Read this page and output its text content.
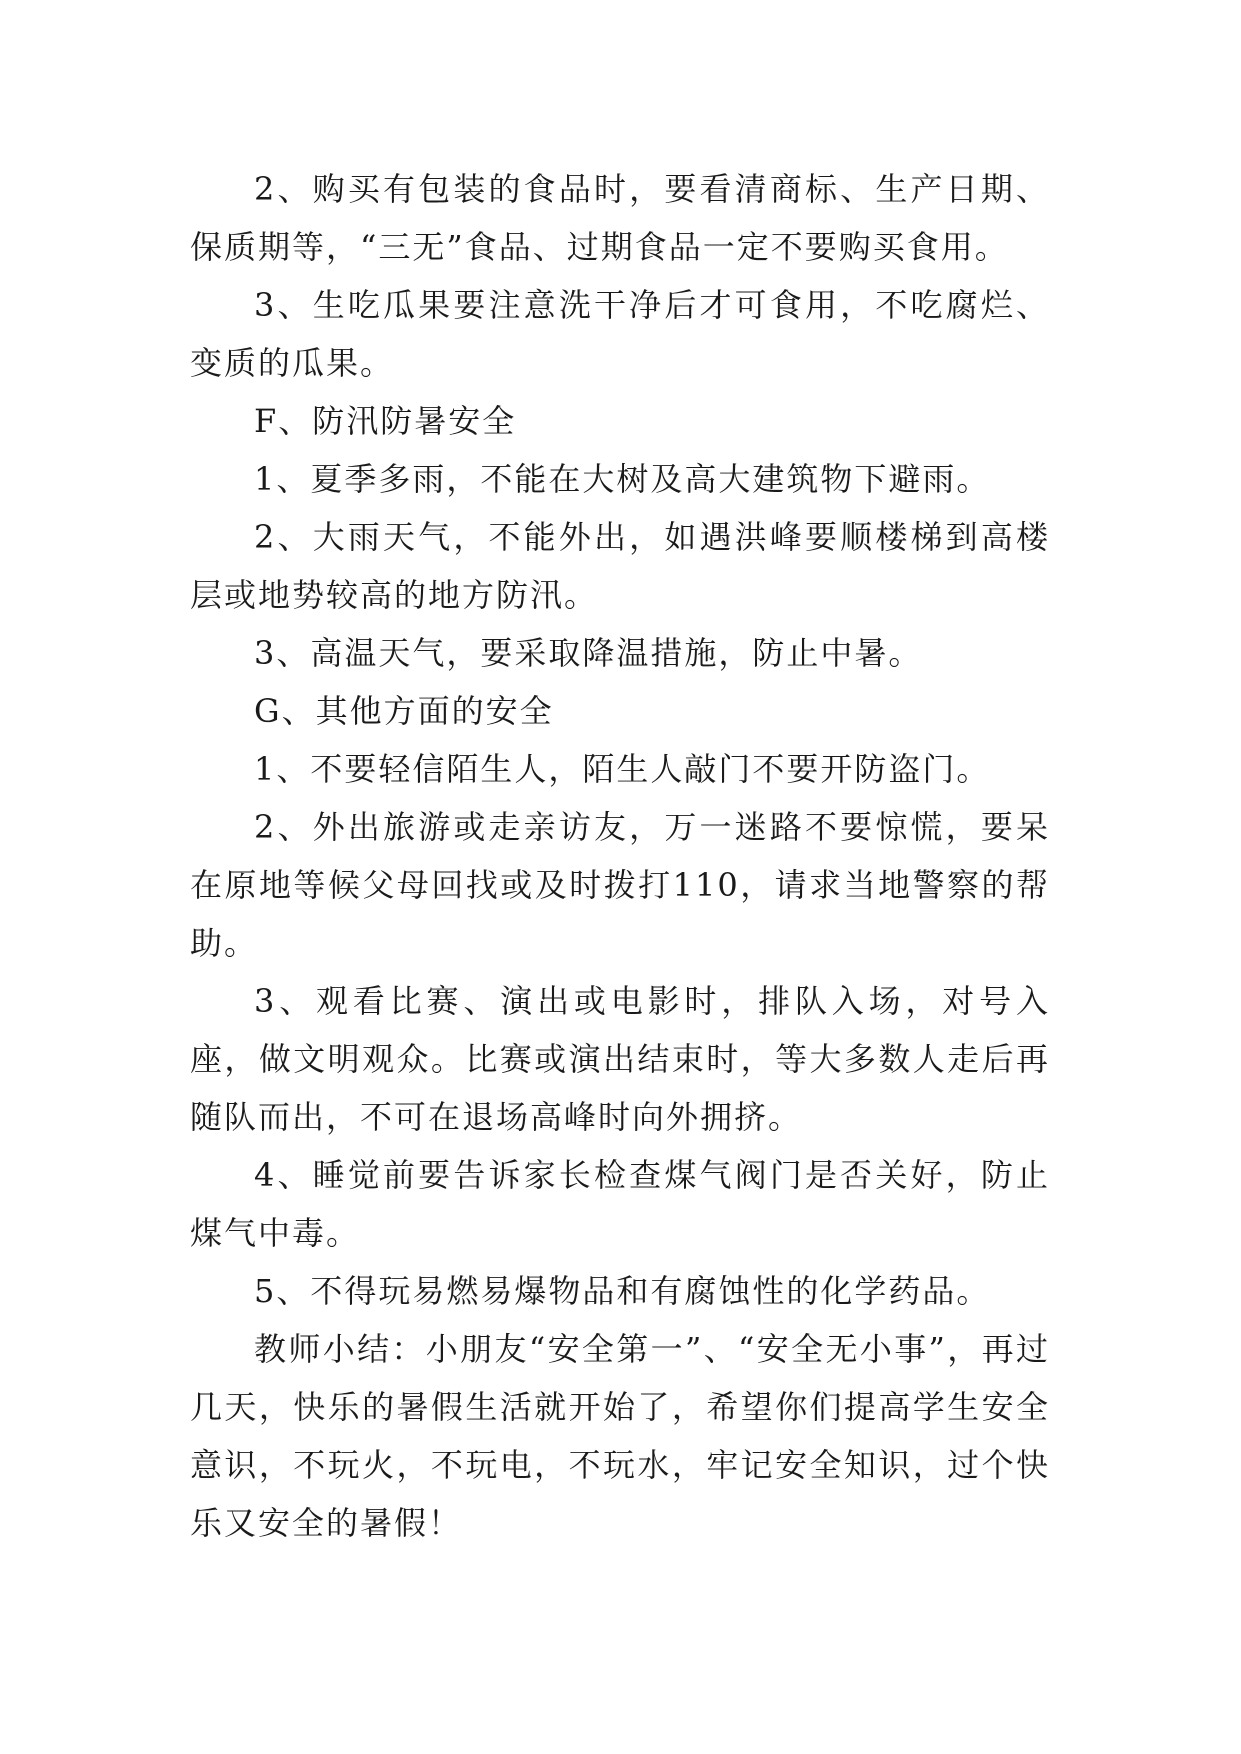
2、购买有包装的食品时，要看清商标、生产日期、保质期等，“三无”食品、过期食品一定不要购买食用。

3、生吃瓜果要注意洗干净后才可食用，不吃腐烂、变质的瓜果。

F、防汛防暑安全

1、夏季多雨，不能在大树及高大建筑物下避雨。

2、大雨天气，不能外出，如遇洪峰要顺楼梯到高楼层或地势较高的地方防汛。

3、高温天气，要采取降温措施，防止中暑。

G、其他方面的安全

1、不要轻信陌生人，陌生人敲门不要开防盗门。

2、外出旅游或走亲访友，万一迷路不要惊慌，要呆在原地等候父母回找或及时拨打110，请求当地警察的帮助。

3、观看比赛、演出或电影时，排队入场，对号入座，做文明观众。比赛或演出结束时，等大多数人走后再随队而出，不可在退场高峰时向外拥挤。

4、睡觉前要告诉家长检查煤气阀门是否关好，防止煤气中毒。

5、不得玩易燃易爆物品和有腐蚀性的化学药品。

教师小结：小朋友“安全第一”、“安全无小事”，再过几天，快乐的暑假生活就开始了，希望你们提高学生安全意识，不玩火，不玩电，不玩水，牢记安全知识，过个快乐又安全的暑假！
